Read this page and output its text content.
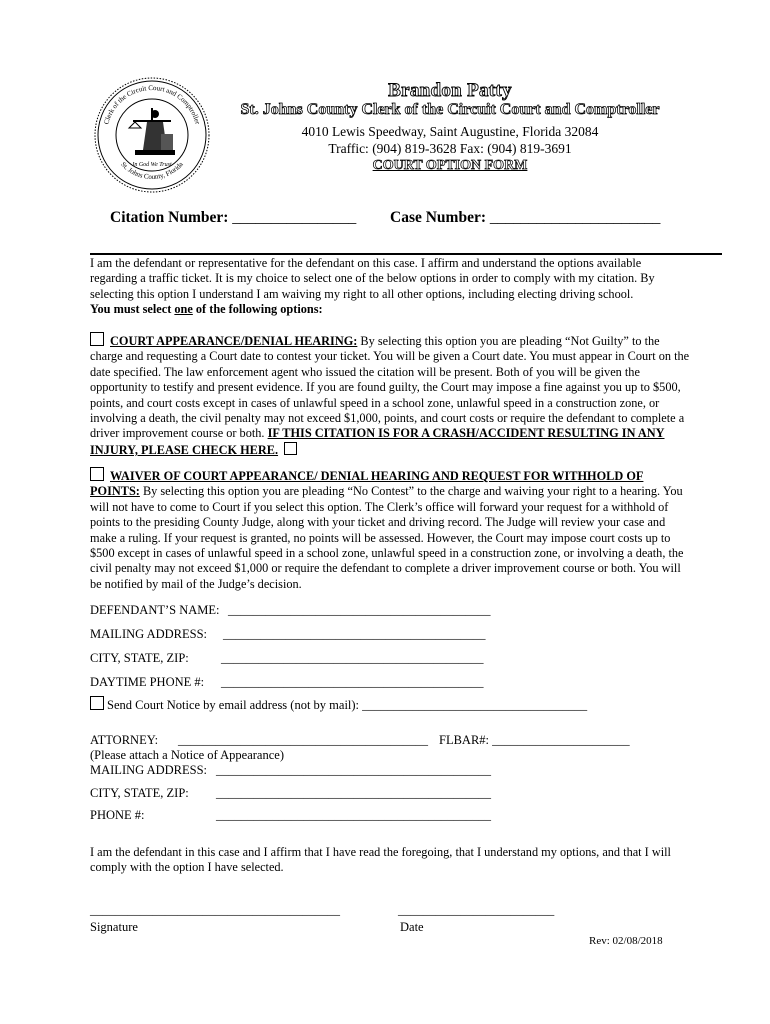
Clerk of the Circuit Court and Comptroller
St. Johns County, Florida
In God We Trust
Brandon Patty
St. Johns County Clerk of the Circuit Court and Comptroller
4010 Lewis Speedway, Saint Augustine, Florida 32084
Traffic: (904) 819-3628 Fax: (904) 819-3691
COURT OPTION FORM
Citation Number: ________________ Case Number: ______________________
I am the defendant or representative for the defendant on this case. I affirm and understand the options available regarding a traffic ticket. It is my choice to select one of the below options in order to comply with my citation. By selecting this option I understand I am waiving my right to all other options, including electing driving school.
You must select one of the following options:
COURT APPEARANCE/DENIAL HEARING: By selecting this option you are pleading “Not Guilty” to the charge and requesting a Court date to contest your ticket. You will be given a Court date. You must appear in Court on the date specified. The law enforcement agent who issued the citation will be present. Both of you will be given the opportunity to testify and present evidence. If you are found guilty, the Court may impose a fine against you up to $500, points, and court costs except in cases of unlawful speed in a school zone, unlawful speed in a construction zone, or involving a death, the civil penalty may not exceed $1,000, points, and court costs or require the defendant to complete a driver improvement course or both. IF THIS CITATION IS FOR A CRASH/ACCIDENT RESULTING IN ANY INJURY, PLEASE CHECK HERE.
WAIVER OF COURT APPEARANCE/ DENIAL HEARING AND REQUEST FOR WITHHOLD OF POINTS: By selecting this option you are pleading “No Contest” to the charge and waiving your right to a hearing. You will not have to come to Court if you select this option. The Clerk’s office will forward your request for a withhold of points to the presiding County Judge, along with your ticket and driving record. The Judge will review your case and make a ruling. If your request is granted, no points will be assessed. However, the Court may impose court costs up to $500 except in cases of unlawful speed in a school zone, unlawful speed in a construction zone, or involving a death, the civil penalty may not exceed $1,000 or require the defendant to complete a driver improvement course or both. You will be notified by mail of the Judge’s decision.
DEFENDANT’S NAME: __________________________________________
MAILING ADDRESS: __________________________________________
CITY, STATE, ZIP:	__________________________________________
DAYTIME PHONE #: __________________________________________
Send Court Notice by email address (not by mail): ____________________________________
ATTORNEY: ________________________________________ FLBAR#: ______________________
(Please attach a Notice of Appearance)
MAILING ADDRESS: ____________________________________________
CITY, STATE, ZIP: ____________________________________________
PHONE #:	____________________________________________
I am the defendant in this case and I affirm that I have read the foregoing, that I understand my options, and that I will comply with the option I have selected.
________________________________________
Signature
_________________________
Date
Rev: 02/08/2018
